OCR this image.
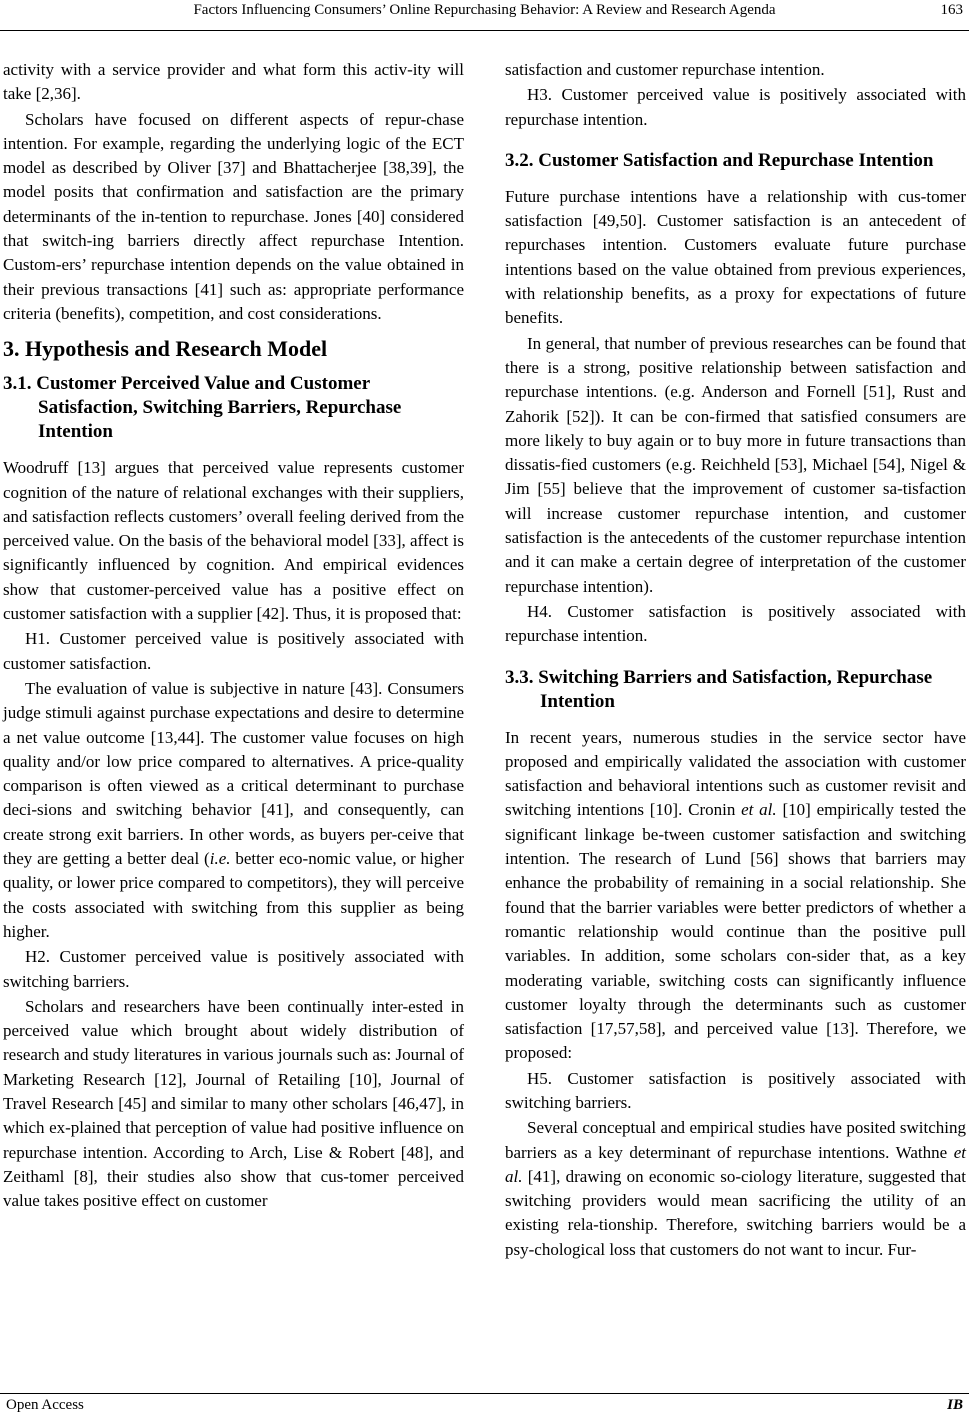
Factors Influencing Consumers’ Online Repurchasing Behavior: A Review and Research Agenda	163

activity with a service provider and what form this activ-ity will take [2,36].

Scholars have focused on different aspects of repur-chase intention. For example, regarding the underlying logic of the ECT model as described by Oliver [37] and Bhattacherjee [38,39], the model posits that confirmation and satisfaction are the primary determinants of the in-tention to repurchase. Jones [40] considered that switch-ing barriers directly affect repurchase Intention. Custom-ers’ repurchase intention depends on the value obtained in their previous transactions [41] such as: appropriate performance criteria (benefits), competition, and cost considerations.

3. Hypothesis and Research Model
3.1. Customer Perceived Value and Customer Satisfaction, Switching Barriers, Repurchase Intention

Woodruff [13] argues that perceived value represents customer cognition of the nature of relational exchanges with their suppliers, and satisfaction reflects customers’ overall feeling derived from the perceived value. On the basis of the behavioral model [33], affect is significantly influenced by cognition. And empirical evidences show that customer-perceived value has a positive effect on customer satisfaction with a supplier [42]. Thus, it is proposed that:

H1. Customer perceived value is positively associated with customer satisfaction.

The evaluation of value is subjective in nature [43]. Consumers judge stimuli against purchase expectations and desire to determine a net value outcome [13,44]. The customer value focuses on high quality and/or low price compared to alternatives. A price-quality comparison is often viewed as a critical determinant to purchase deci-sions and switching behavior [41], and consequently, can create strong exit barriers. In other words, as buyers per-ceive that they are getting a better deal (i.e. better eco-nomic value, or higher quality, or lower price compared to competitors), they will perceive the costs associated with switching from this supplier as being higher.

H2. Customer perceived value is positively associated with switching barriers.

Scholars and researchers have been continually inter-ested in perceived value which brought about widely distribution of research and study literatures in various journals such as: Journal of Marketing Research [12], Journal of Retailing [10], Journal of Travel Research [45] and similar to many other scholars [46,47], in which ex-plained that perception of value had positive influence on repurchase intention. According to Arch, Lise & Robert [48], and Zeithaml [8], their studies also show that cus-tomer perceived value takes positive effect on customer

satisfaction and customer repurchase intention.

H3. Customer perceived value is positively associated with repurchase intention.

3.2. Customer Satisfaction and Repurchase Intention

Future purchase intentions have a relationship with cus-tomer satisfaction [49,50]. Customer satisfaction is an antecedent of repurchases intention. Customers evaluate future purchase intentions based on the value obtained from previous experiences, with relationship benefits, as a proxy for expectations of future benefits.

In general, that number of previous researches can be found that there is a strong, positive relationship between satisfaction and repurchase intentions. (e.g. Anderson and Fornell [51], Rust and Zahorik [52]). It can be con-firmed that satisfied consumers are more likely to buy again or to buy more in future transactions than dissatis-fied customers (e.g. Reichheld [53], Michael [54], Nigel & Jim [55] believe that the improvement of customer sa-tisfaction will increase customer repurchase intention, and customer satisfaction is the antecedents of the customer repurchase intention and it can make a certain degree of interpretation of the customer repurchase intention).

H4. Customer satisfaction is positively associated with repurchase intention.

3.3. Switching Barriers and Satisfaction, Repurchase Intention

In recent years, numerous studies in the service sector have proposed and empirically validated the association with customer satisfaction and behavioral intentions such as customer revisit and switching intentions [10]. Cronin et al. [10] empirically tested the significant linkage be-tween customer satisfaction and switching intention. The research of Lund [56] shows that barriers may enhance the probability of remaining in a social relationship. She found that the barrier variables were better predictors of whether a romantic relationship would continue than the positive pull variables. In addition, some scholars con-sider that, as a key moderating variable, switching costs can significantly influence customer loyalty through the determinants such as customer satisfaction [17,57,58], and perceived value [13]. Therefore, we proposed:

H5. Customer satisfaction is positively associated with switching barriers.

Several conceptual and empirical studies have posited switching barriers as a key determinant of repurchase intentions. Wathne et al. [41], drawing on economic so-ciology literature, suggested that switching providers would mean sacrificing the utility of an existing rela-tionship. Therefore, switching barriers would be a psy-chological loss that customers do not want to incur. Fur-

Open Access	IB
